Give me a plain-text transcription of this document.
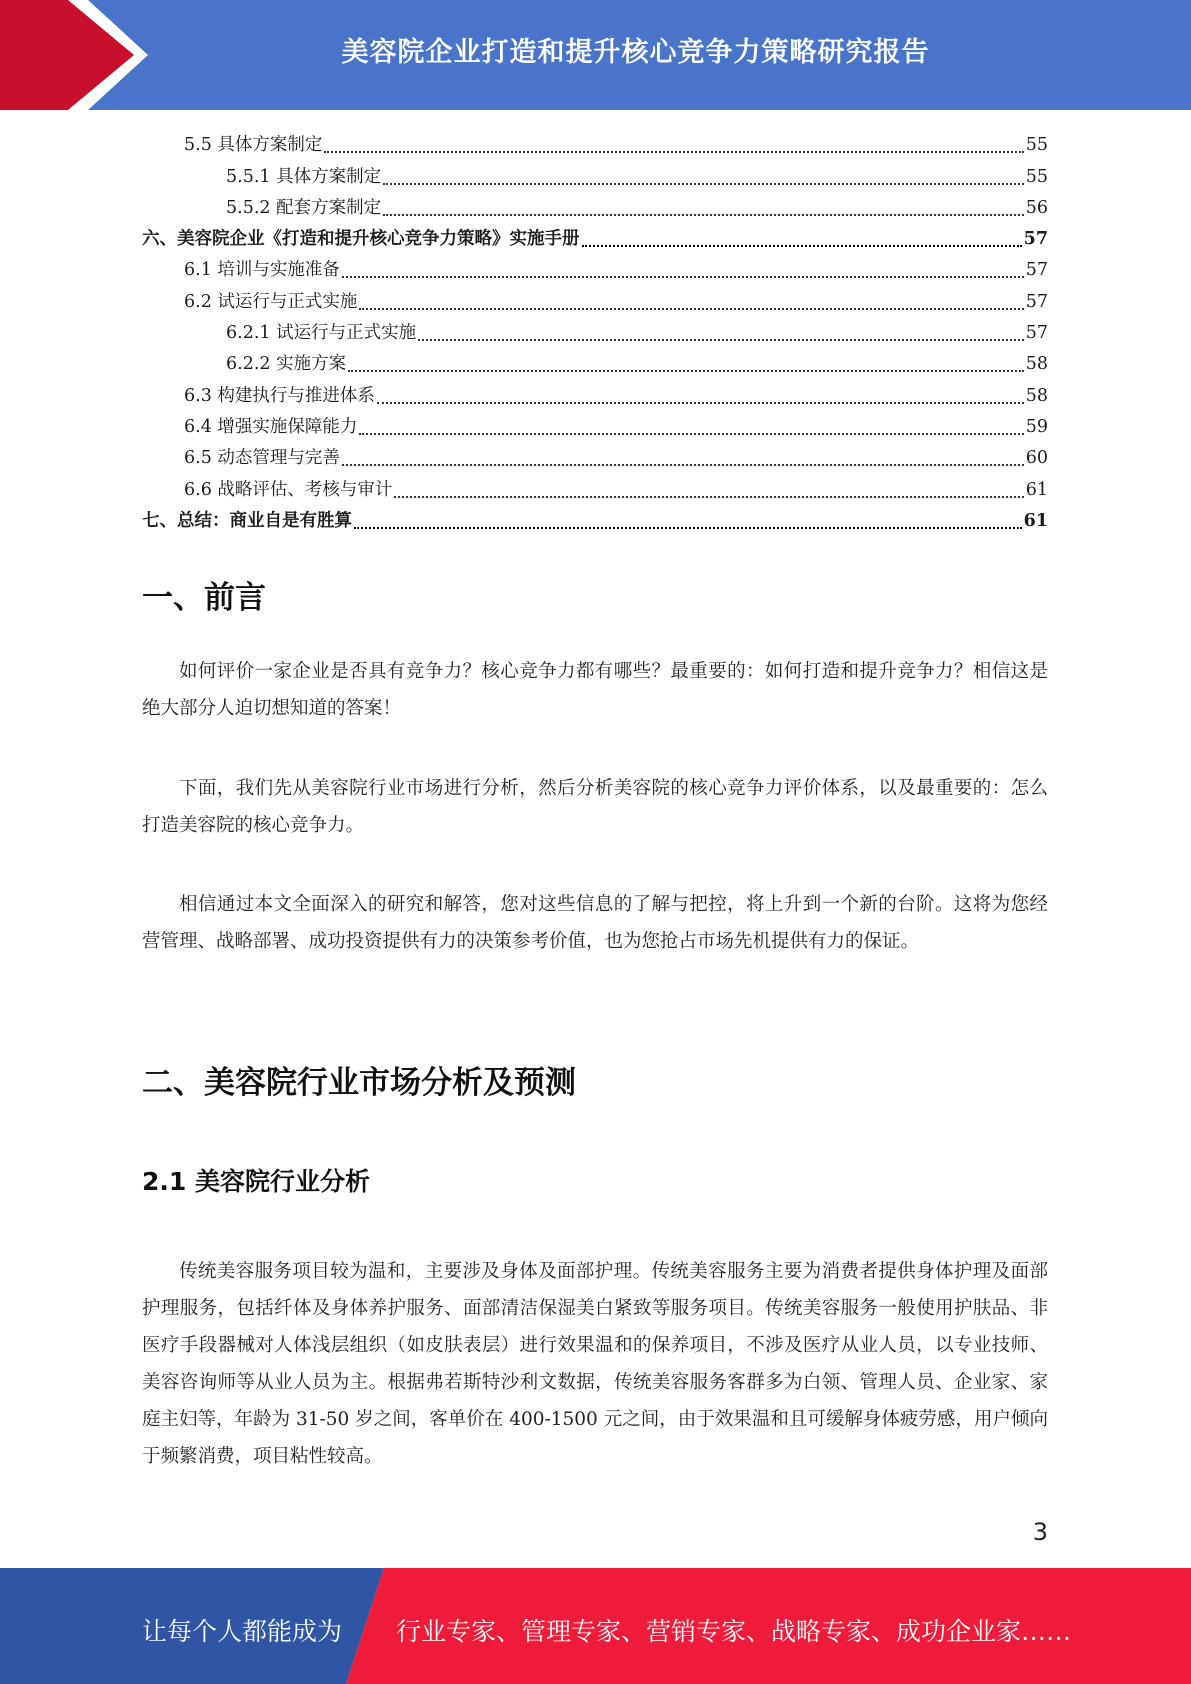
美容院企业打造和提升核心竞争力策略研究报告
5.5 具体方案制定	55
5.5.1 具体方案制定	55
5.5.2 配套方案制定	56
六、美容院企业《打造和提升核心竞争力策略》实施手册	57
6.1 培训与实施准备	57
6.2 试运行与正式实施	57
6.2.1 试运行与正式实施	57
6.2.2 实施方案	58
6.3 构建执行与推进体系	58
6.4 增强实施保障能力	59
6.5 动态管理与完善	60
6.6 战略评估、考核与审计	61
七、总结：商业自是有胜算	61
一、前言

如何评价一家企业是否具有竞争力？核心竞争力都有哪些？最重要的：如何打造和提升竞争力？相信这是绝大部分人迫切想知道的答案！

下面，我们先从美容院行业市场进行分析，然后分析美容院的核心竞争力评价体系，以及最重要的：怎么打造美容院的核心竞争力。

相信通过本文全面深入的研究和解答，您对这些信息的了解与把控，将上升到一个新的台阶。这将为您经营管理、战略部署、成功投资提供有力的决策参考价值，也为您抢占市场先机提供有力的保证。

二、美容院行业市场分析及预测
2.1 美容院行业分析

传统美容服务项目较为温和，主要涉及身体及面部护理。传统美容服务主要为消费者提供身体护理及面部护理服务，包括纤体及身体养护服务、面部清洁保湿美白紧致等服务项目。传统美容服务一般使用护肤品、非医疗手段器械对人体浅层组织（如皮肤表层）进行效果温和的保养项目，不涉及医疗从业人员，以专业技师、美容咨询师等从业人员为主。根据弗若斯特沙利文数据，传统美容服务客群多为白领、管理人员、企业家、家庭主妇等，年龄为 31-50 岁之间，客单价在 400-1500 元之间，由于效果温和且可缓解身体疲劳感，用户倾向于频繁消费，项目粘性较高。

3
让每个人都能成为 行业专家、管理专家、营销专家、战略专家、成功企业家……
